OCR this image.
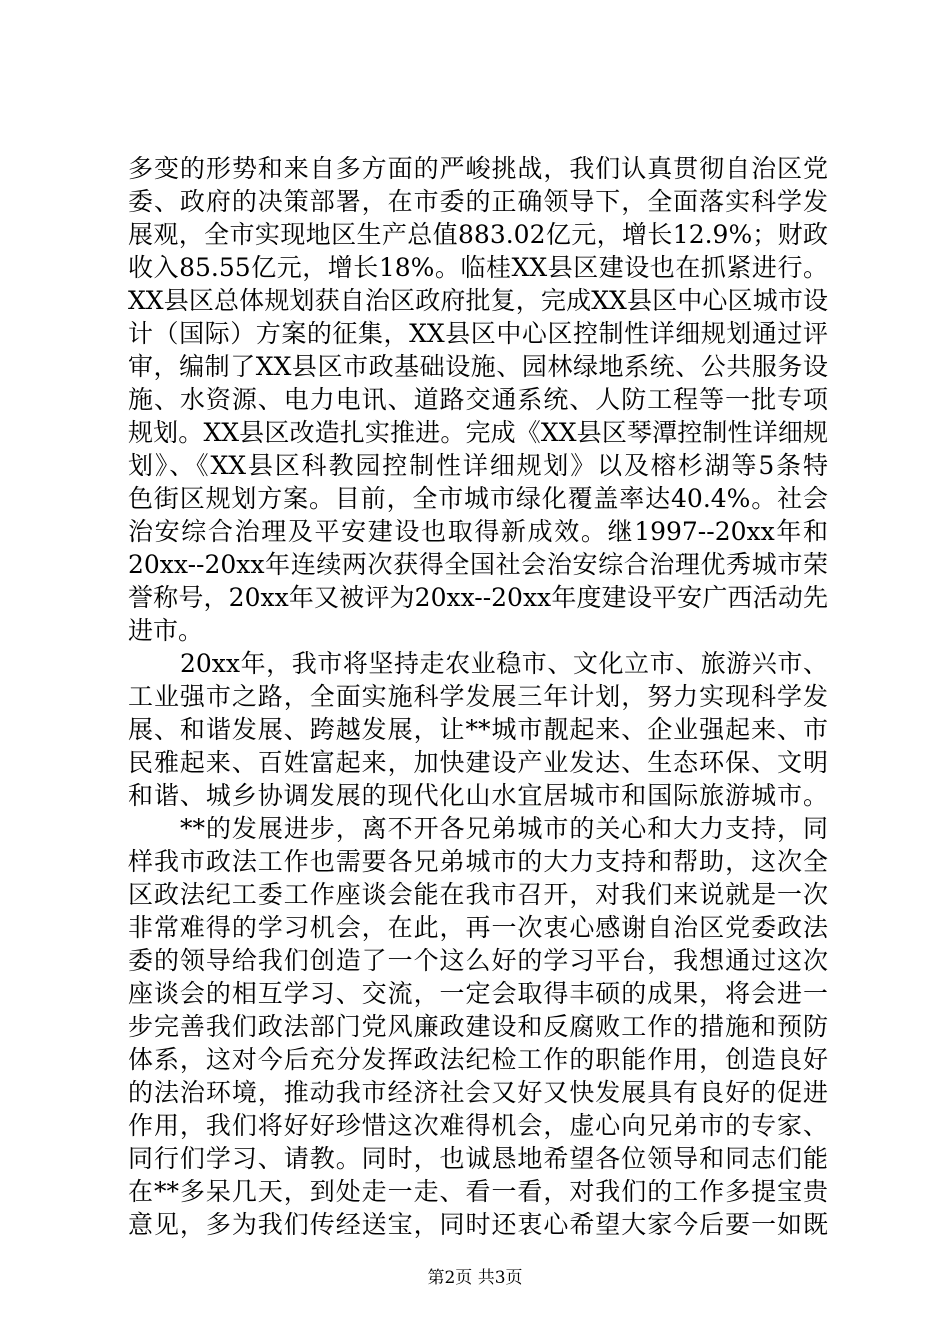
多变的形势和来自多方面的严峻挑战，我们认真贯彻自治区党
委、政府的决策部署，在市委的正确领导下，全面落实科学发
展观，全市实现地区生产总值883.02亿元，增长12.9%；财政
收入85.55亿元，增长18%。临桂XX县区建设也在抓紧进行。
XX县区总体规划获自治区政府批复，完成XX县区中心区城市设
计（国际）方案的征集，XX县区中心区控制性详细规划通过评
审，编制了XX县区市政基础设施、园林绿地系统、公共服务设
施、水资源、电力电讯、道路交通系统、人防工程等一批专项
规划。XX县区改造扎实推进。完成《XX县区琴潭控制性详细规
划》、《XX县区科教园控制性详细规划》以及榕杉湖等5条特
色街区规划方案。目前，全市城市绿化覆盖率达40.4%。社会
治安综合治理及平安建设也取得新成效。继1997--20xx年和
20xx--20xx年连续两次获得全国社会治安综合治理优秀城市荣
誉称号，20xx年又被评为20xx--20xx年度建设平安广西活动先
进市。
20xx年，我市将坚持走农业稳市、文化立市、旅游兴市、
工业强市之路，全面实施科学发展三年计划，努力实现科学发
展、和谐发展、跨越发展，让**城市靓起来、企业强起来、市
民雅起来、百姓富起来，加快建设产业发达、生态环保、文明
和谐、城乡协调发展的现代化山水宜居城市和国际旅游城市。
**的发展进步，离不开各兄弟城市的关心和大力支持，同
样我市政法工作也需要各兄弟城市的大力支持和帮助，这次全
区政法纪工委工作座谈会能在我市召开，对我们来说就是一次
非常难得的学习机会，在此，再一次衷心感谢自治区党委政法
委的领导给我们创造了一个这么好的学习平台，我想通过这次
座谈会的相互学习、交流，一定会取得丰硕的成果，将会进一
步完善我们政法部门党风廉政建设和反腐败工作的措施和预防
体系，这对今后充分发挥政法纪检工作的职能作用，创造良好
的法治环境，推动我市经济社会又好又快发展具有良好的促进
作用，我们将好好珍惜这次难得机会，虚心向兄弟市的专家、
同行们学习、请教。同时，也诚恳地希望各位领导和同志们能
在**多呆几天，到处走一走、看一看，对我们的工作多提宝贵
意见，多为我们传经送宝，同时还衷心希望大家今后要一如既
第2页 共3页
